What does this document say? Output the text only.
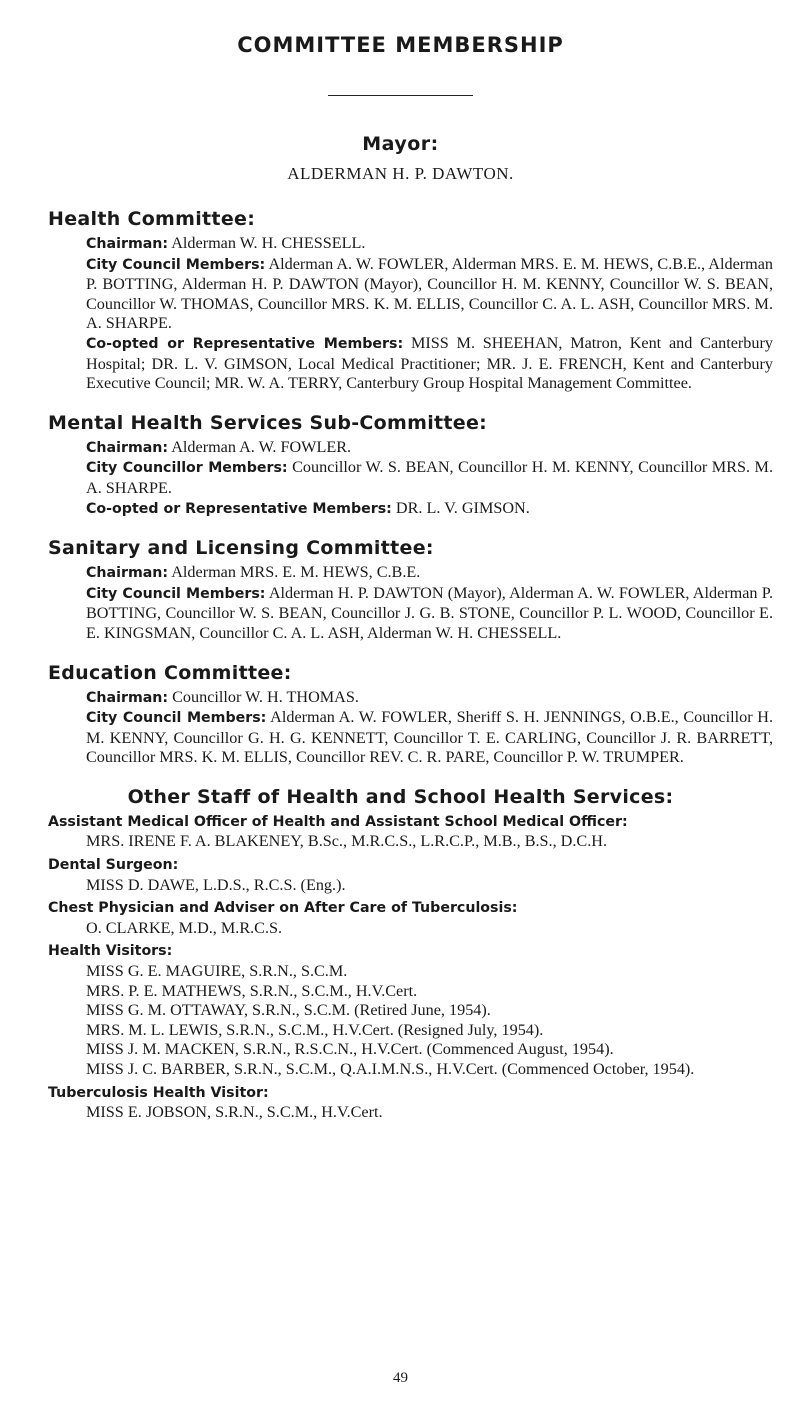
COMMITTEE MEMBERSHIP
Mayor:
ALDERMAN H. P. DAWTON.
Health Committee:

Chairman: Alderman W. H. CHESSELL.

City Council Members: Alderman A. W. FOWLER, Alderman MRS. E. M. HEWS, C.B.E., Alderman P. BOTTING, Alderman H. P. DAWTON (Mayor), Councillor H. M. KENNY, Councillor W. S. BEAN, Councillor W. THOMAS, Councillor MRS. K. M. ELLIS, Councillor C. A. L. ASH, Councillor MRS. M. A. SHARPE.

Co-opted or Representative Members: MISS M. SHEEHAN, Matron, Kent and Canterbury Hospital; DR. L. V. GIMSON, Local Medical Practitioner; MR. J. E. FRENCH, Kent and Canterbury Executive Council; MR. W. A. TERRY, Canterbury Group Hospital Management Committee.

Mental Health Services Sub-Committee:

Chairman: Alderman A. W. FOWLER.

City Councillor Members: Councillor W. S. BEAN, Councillor H. M. KENNY, Councillor MRS. M. A. SHARPE.

Co-opted or Representative Members: DR. L. V. GIMSON.

Sanitary and Licensing Committee:

Chairman: Alderman MRS. E. M. HEWS, C.B.E.

City Council Members: Alderman H. P. DAWTON (Mayor), Alderman A. W. FOWLER, Alderman P. BOTTING, Councillor W. S. BEAN, Councillor J. G. B. STONE, Councillor P. L. WOOD, Councillor E. E. KINGSMAN, Councillor C. A. L. ASH, Alderman W. H. CHESSELL.

Education Committee:

Chairman: Councillor W. H. THOMAS.

City Council Members: Alderman A. W. FOWLER, Sheriff S. H. JENNINGS, O.B.E., Councillor H. M. KENNY, Councillor G. H. G. KENNETT, Councillor T. E. CARLING, Councillor J. R. BARRETT, Councillor MRS. K. M. ELLIS, Councillor REV. C. R. PARE, Councillor P. W. TRUMPER.

Other Staff of Health and School Health Services:
Assistant Medical Officer of Health and Assistant School Medical Officer:

MRS. IRENE F. A. BLAKENEY, B.Sc., M.R.C.S., L.R.C.P., M.B., B.S., D.C.H.

Dental Surgeon:

MISS D. DAWE, L.D.S., R.C.S. (Eng.).

Chest Physician and Adviser on After Care of Tuberculosis:

O. CLARKE, M.D., M.R.C.S.

Health Visitors:

MISS G. E. MAGUIRE, S.R.N., S.C.M.

MRS. P. E. MATHEWS, S.R.N., S.C.M., H.V.Cert.

MISS G. M. OTTAWAY, S.R.N., S.C.M. (Retired June, 1954).

MRS. M. L. LEWIS, S.R.N., S.C.M., H.V.Cert. (Resigned July, 1954).

MISS J. M. MACKEN, S.R.N., R.S.C.N., H.V.Cert. (Commenced August, 1954).

MISS J. C. BARBER, S.R.N., S.C.M., Q.A.I.M.N.S., H.V.Cert. (Commenced October, 1954).

Tuberculosis Health Visitor:

MISS E. JOBSON, S.R.N., S.C.M., H.V.Cert.

49
